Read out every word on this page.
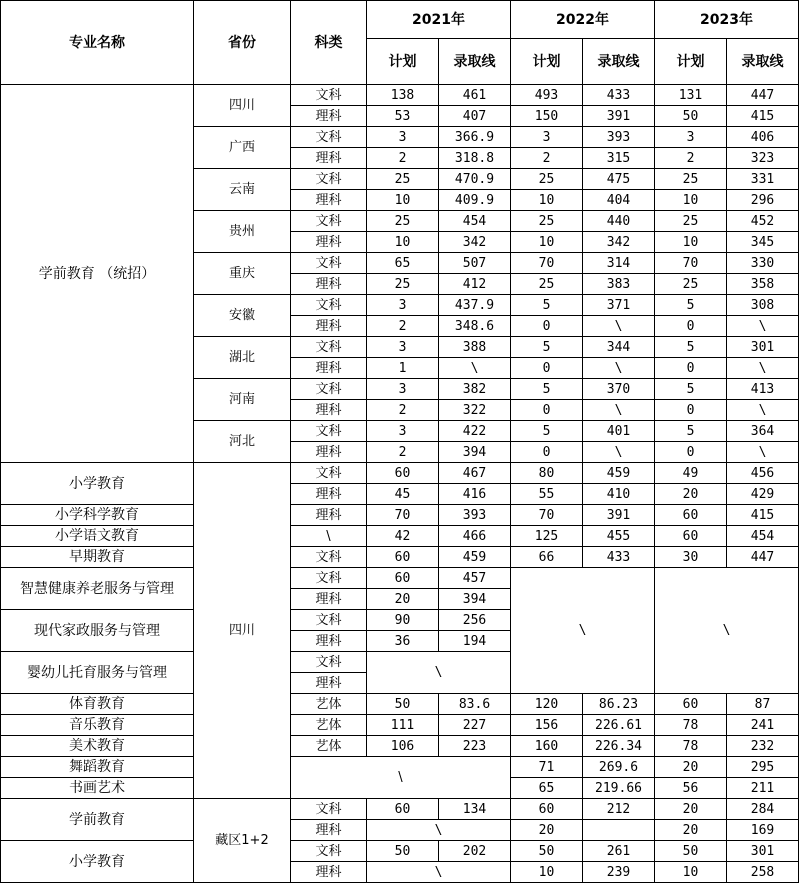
专业名称	省份	科类	2021年		2022年		2023年	
			计划	录取线	计划	录取线	计划	录取线
学前教育 （统招）	四川	文科	138	461	493	433	131	447
		理科	53	407	150	391	50	415
	广西	文科	3	366.9	3	393	3	406
		理科	2	318.8	2	315	2	323
	云南	文科	25	470.9	25	475	25	331
		理科	10	409.9	10	404	10	296
	贵州	文科	25	454	25	440	25	452
		理科	10	342	10	342	10	345
	重庆	文科	65	507	70	314	70	330
		理科	25	412	25	383	25	358
	安徽	文科	3	437.9	5	371	5	308
		理科	2	348.6	0	\	0	\
	湖北	文科	3	388	5	344	5	301
		理科	1	\	0	\	0	\
	河南	文科	3	382	5	370	5	413
		理科	2	322	0	\	0	\
	河北	文科	3	422	5	401	5	364
		理科	2	394	0	\	0	\
小学教育	四川	文科	60	467	80	459	49	456
		理科	45	416	55	410	20	429
小学科学教育		理科	70	393	70	391	60	415
小学语文教育		\	42	466	125	455	60	454
早期教育		文科	60	459	66	433	30	447
智慧健康养老服务与管理		文科	60	457	\		\	
		理科	20	394				
现代家政服务与管理		文科	90	256				
		理科	36	194				
婴幼儿托育服务与管理		文科	\					
		理科						
体育教育		艺体	50	83.6	120	86.23	60	87
音乐教育		艺体	111	227	156	226.61	78	241
美术教育		艺体	106	223	160	226.34	78	232
舞蹈教育		\			71	269.6	20	295
书画艺术					65	219.66	56	211
学前教育	藏区1+2	文科	60	134	60	212	20	284
		理科	\		20		20	169
小学教育		文科	50	202	50	261	50	301
		理科	\		10	239	10	258
